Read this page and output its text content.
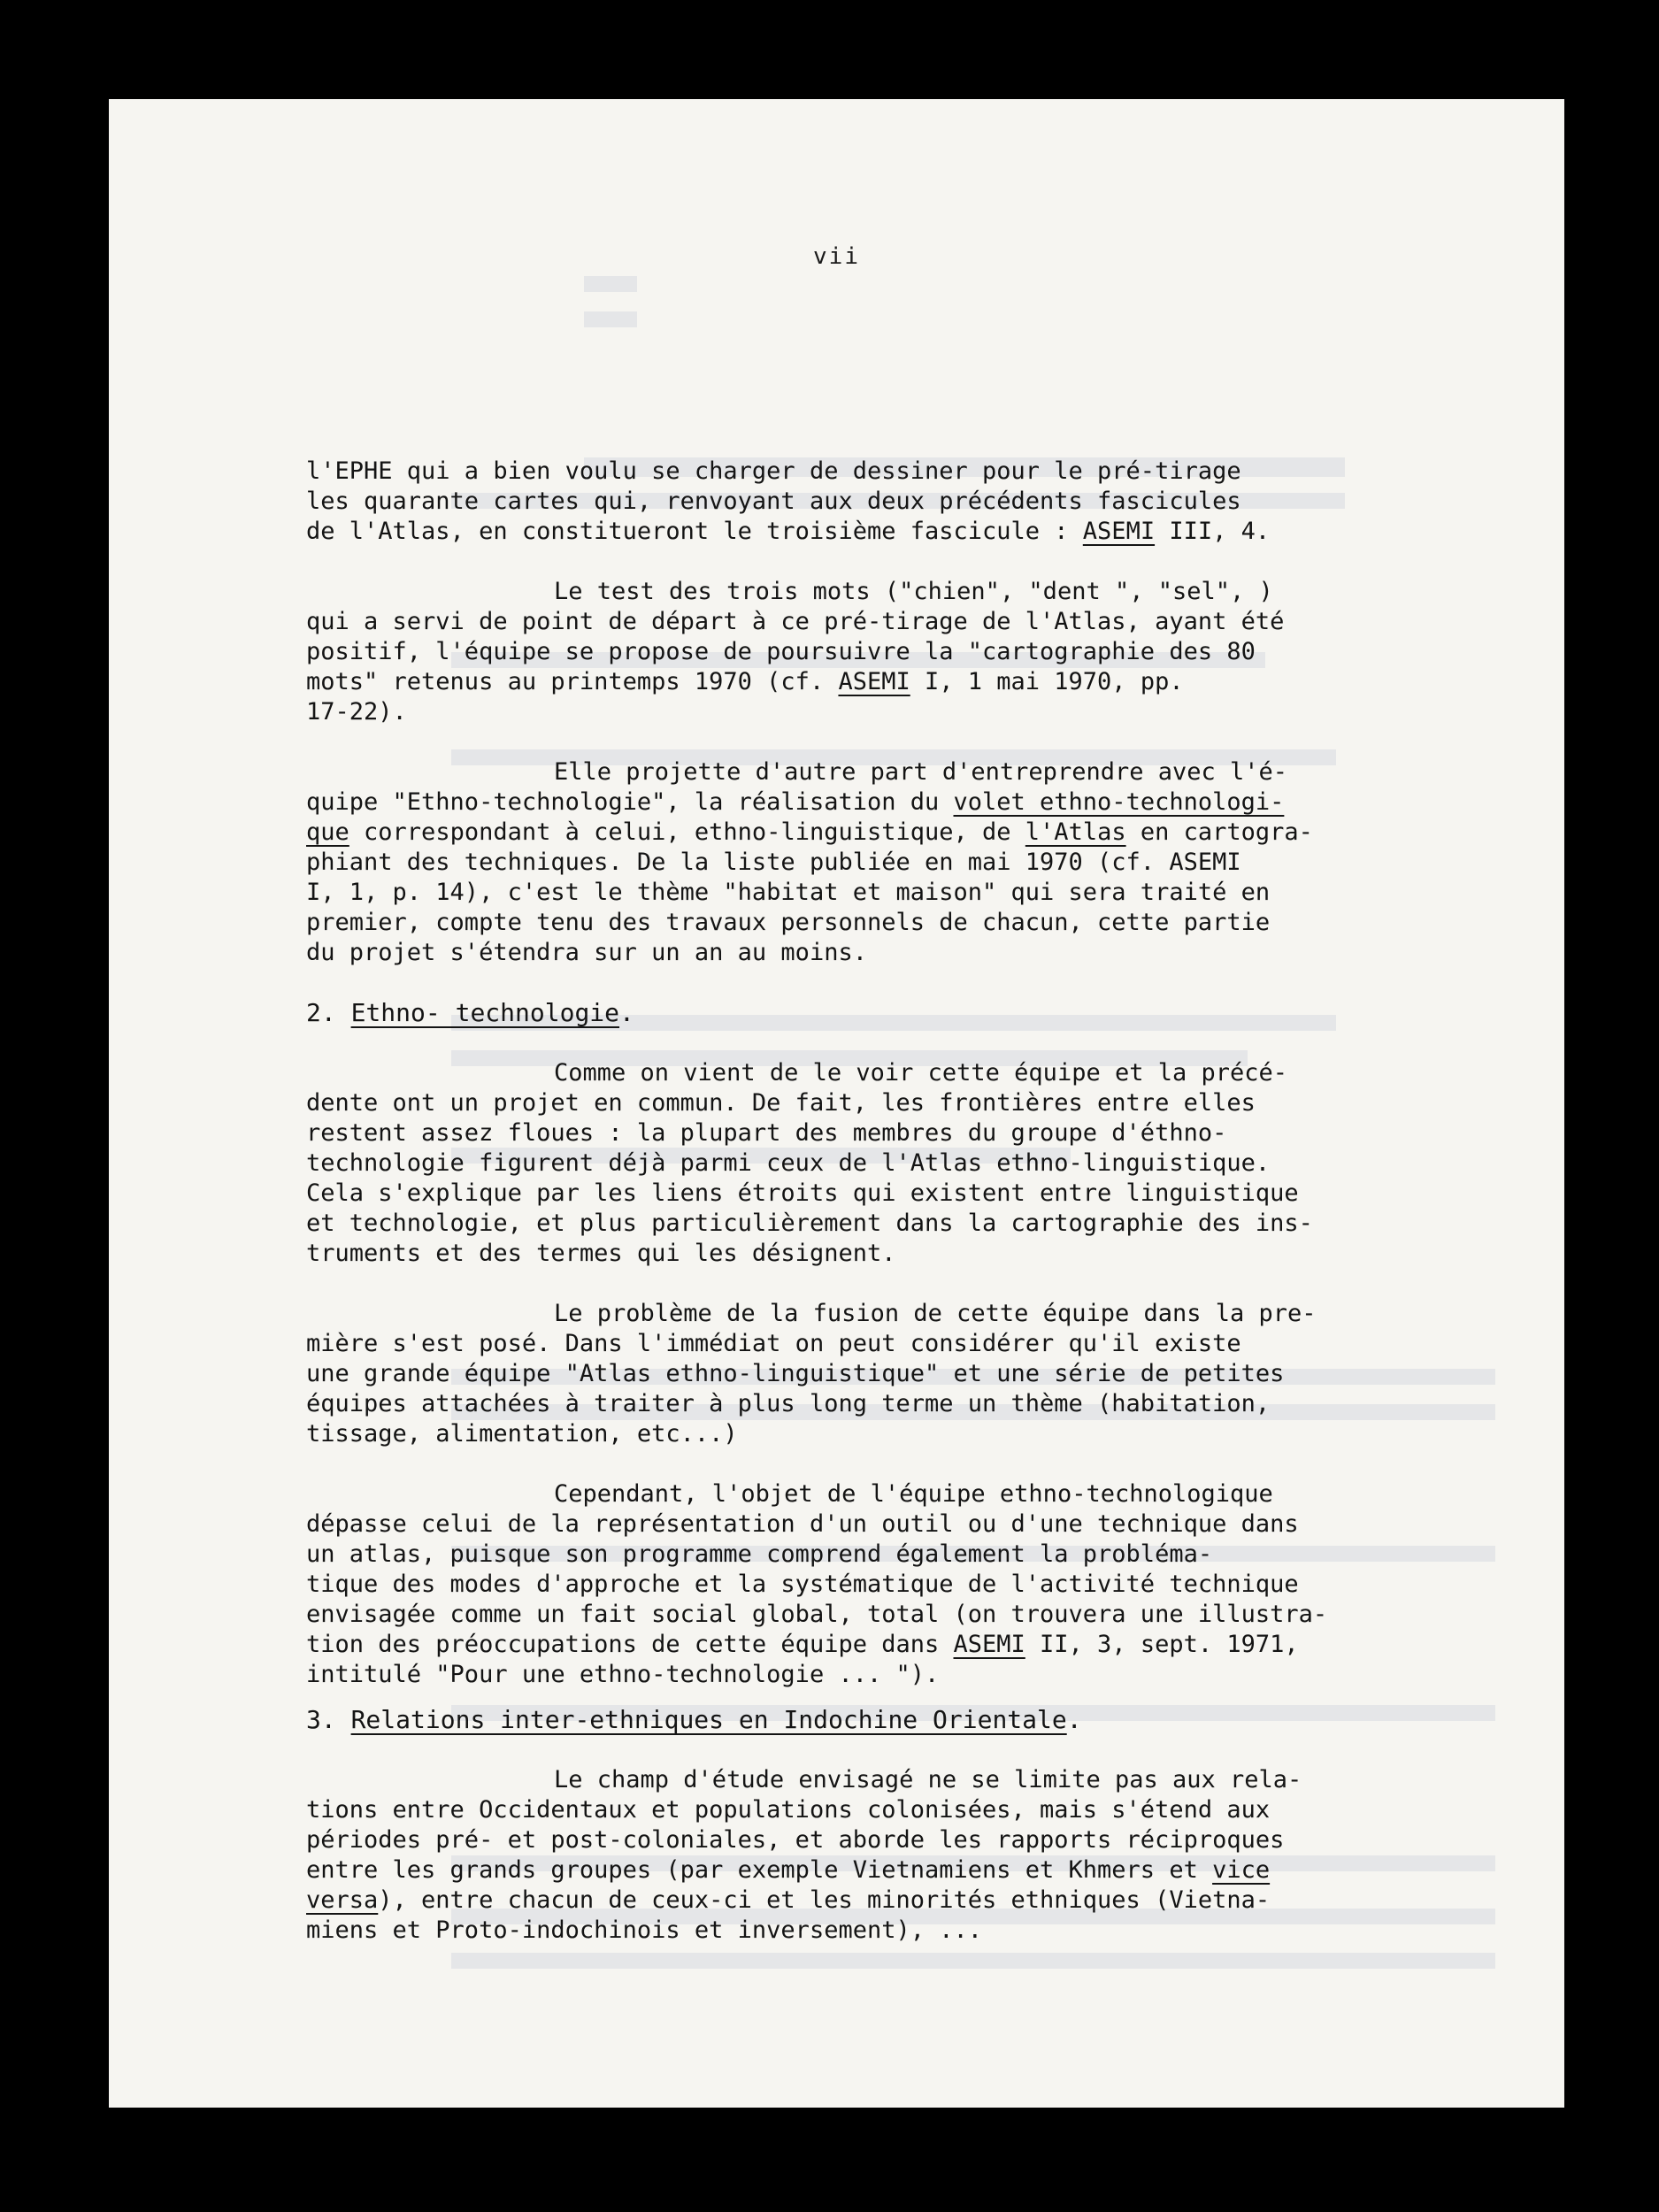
vii
l'EPHE qui a bien voulu se charger de dessiner pour le pré-tirage
les quarante cartes qui, renvoyant aux deux précédents fascicules
de l'Atlas, en constitueront le troisième fascicule : ASEMI III, 4.
Le test des trois mots ("chien", "dent ", "sel", )
qui a servi de point de départ à ce pré-tirage de l'Atlas, ayant été
positif, l'équipe se propose de poursuivre la "cartographie des 80
mots" retenus au printemps 1970 (cf. ASEMI I, 1 mai 1970, pp.
17-22).
Elle projette d'autre part d'entreprendre avec l'é-
quipe "Ethno-technologie", la réalisation du volet ethno-technologi-
que correspondant à celui, ethno-linguistique, de l'Atlas en cartogra-
phiant des techniques. De la liste publiée en mai 1970 (cf. ASEMI
I, 1, p. 14), c'est le thème "habitat et maison" qui sera traité en
premier, compte tenu des travaux personnels de chacun, cette partie
du projet s'étendra sur un an au moins.
2. Ethno- technologie.
Comme on vient de le voir cette équipe et la précé-
dente ont un projet en commun. De fait, les frontières entre elles
restent assez floues : la plupart des membres du groupe d'éthno-
technologie figurent déjà parmi ceux de l'Atlas ethno-linguistique.
Cela s'explique par les liens étroits qui existent entre linguistique
et technologie, et plus particulièrement dans la cartographie des ins-
truments et des termes qui les désignent.
Le problème de la fusion de cette équipe dans la pre-
mière s'est posé. Dans l'immédiat on peut considérer qu'il existe
une grande équipe "Atlas ethno-linguistique" et une série de petites
équipes attachées à traiter à plus long terme un thème (habitation,
tissage, alimentation, etc...)
Cependant, l'objet de l'équipe ethno-technologique
dépasse celui de la représentation d'un outil ou d'une technique dans
un atlas, puisque son programme comprend également la probléma-
tique des modes d'approche et la systématique de l'activité technique
envisagée comme un fait social global, total (on trouvera une illustra-
tion des préoccupations de cette équipe dans ASEMI II, 3, sept. 1971,
intitulé "Pour une ethno-technologie ... ").
3. Relations inter-ethniques en Indochine Orientale.
Le champ d'étude envisagé ne se limite pas aux rela-
tions entre Occidentaux et populations colonisées, mais s'étend aux
périodes pré- et post-coloniales, et aborde les rapports réciproques
entre les grands groupes (par exemple Vietnamiens et Khmers et vice
versa), entre chacun de ceux-ci et les minorités ethniques (Vietna-
miens et Proto-indochinois et inversement), ...
